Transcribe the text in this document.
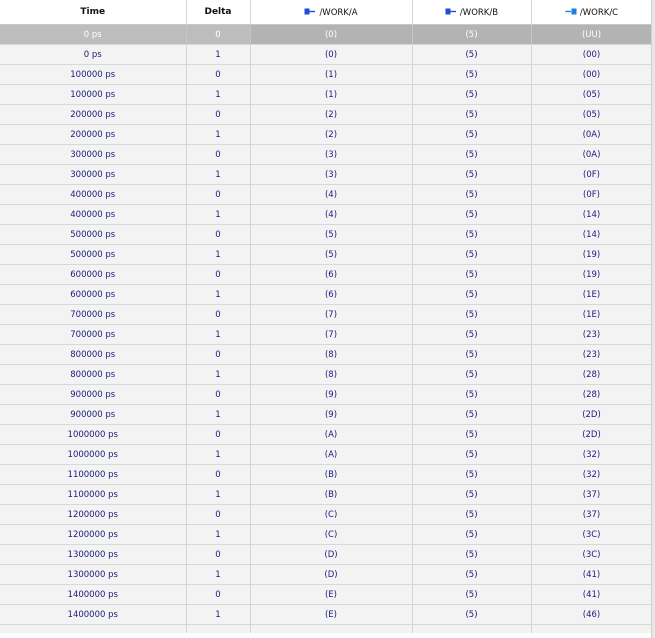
Time	Delta	/WORK/A	/WORK/B	/WORK/C
0 ps	0	(0)	(5)	(UU)
0 ps	1	(0)	(5)	(00)
100000 ps	0	(1)	(5)	(00)
100000 ps	1	(1)	(5)	(05)
200000 ps	0	(2)	(5)	(05)
200000 ps	1	(2)	(5)	(0A)
300000 ps	0	(3)	(5)	(0A)
300000 ps	1	(3)	(5)	(0F)
400000 ps	0	(4)	(5)	(0F)
400000 ps	1	(4)	(5)	(14)
500000 ps	0	(5)	(5)	(14)
500000 ps	1	(5)	(5)	(19)
600000 ps	0	(6)	(5)	(19)
600000 ps	1	(6)	(5)	(1E)
700000 ps	0	(7)	(5)	(1E)
700000 ps	1	(7)	(5)	(23)
800000 ps	0	(8)	(5)	(23)
800000 ps	1	(8)	(5)	(28)
900000 ps	0	(9)	(5)	(28)
900000 ps	1	(9)	(5)	(2D)
1000000 ps	0	(A)	(5)	(2D)
1000000 ps	1	(A)	(5)	(32)
1100000 ps	0	(B)	(5)	(32)
1100000 ps	1	(B)	(5)	(37)
1200000 ps	0	(C)	(5)	(37)
1200000 ps	1	(C)	(5)	(3C)
1300000 ps	0	(D)	(5)	(3C)
1300000 ps	1	(D)	(5)	(41)
1400000 ps	0	(E)	(5)	(41)
1400000 ps	1	(E)	(5)	(46)
